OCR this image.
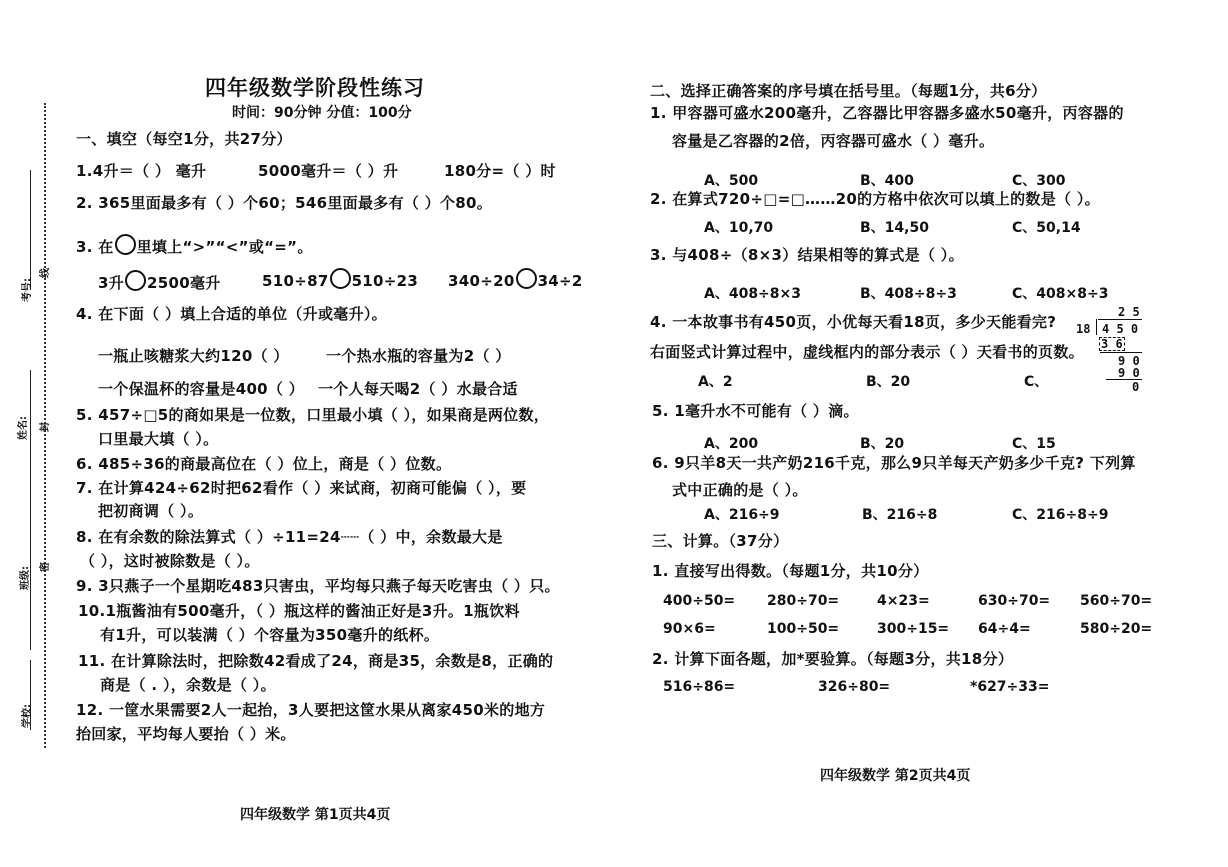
考号:
线
姓名:	封
班级: 密
学校:
四年级数学阶段性练习
时间：90分钟 分值：100分
一、填空（每空1分，共27分）
1.4升＝（ ） 毫升	5000毫升＝（ ）升	180分=（ ）时
2. 365里面最多有（ ）个60；546里面最多有（ ）个80。
3. 在 里填上“>”“<”或“=”。
3升 2500毫升	510÷87 510÷23 340÷20 34÷2
4. 在下面（ ）填上合适的单位（升或毫升）。
一瓶止咳糖浆大约120（ ） 一个热水瓶的容量为2（ ）
一个保温杯的容量是400（ ） 一个人每天喝2（ ）水最合适
5. 457÷□5的商如果是一位数，口里最小填（ ），如果商是两位数，
口里最大填（ ）。
6. 485÷36的商最高位在（ ）位上，商是（ ）位数。
7. 在计算424÷62时把62看作（ ）来试商，初商可能偏（ ），要
把初商调（ ）。
8. 在有余数的除法算式（ ）÷11=24┄┄（ ）中，余数最大是
（ ），这时被除数是（ ）。
9. 3只燕子一个星期吃483只害虫，平均每只燕子每天吃害虫（ ）只。
10.1瓶酱油有500毫升，（ ）瓶这样的酱油正好是3升。1瓶饮料
有1升，可以装满（ ）个容量为350毫升的纸杯。
11. 在计算除法时，把除数42看成了24，商是35，余数是8，正确的
商是（ . ），余数是（ ）。
12. 一筐水果需要2人一起抬，3人要把这筐水果从离家450米的地方
抬回家，平均每人要抬（ ）米。
四年级数学 第1页共4页
二、选择正确答案的序号填在括号里。（每题1分，共6分）
1. 甲容器可盛水200毫升，乙容器比甲容器多盛水50毫升，丙容器的
容量是乙容器的2倍，丙容器可盛水（ ）毫升。
A、500	B、400	C、300
2. 在算式720÷□=□……20的方格中依次可以填上的数是（ ）。
A、10,70	B、14,50	C、50,14
3. 与408÷（8×3）结果相等的算式是（ ）。
A、408÷8×3	B、408÷8÷3	C、408×8÷3
4. 一本故事书有450页，小优每天看18页，多少天能看完?
右面竖式计算过程中，虚线框内的部分表示（ ）天看书的页数。
A、2	B、20	C、
2 5
18 4 5 0
3 6
9 0
9 0
0
5. 1毫升水不可能有（ ）滴。
A、200	B、20	C、15
6. 9只羊8天一共产奶216千克，那么9只羊每天产奶多少千克? 下列算
式中正确的是（ ）。
A、216÷9	B、216÷8	C、216÷8÷9
三、计算。（37分）
1. 直接写出得数。（每题1分，共10分）
400÷50= 280÷70=	4×23=	630÷70= 560÷70=
90×6=	100÷50=	300÷15= 64÷4=	580÷20=
2. 计算下面各题，加*要验算。（每题3分，共18分）
516÷86=	326÷80=	*627÷33=
四年级数学 第2页共4页
